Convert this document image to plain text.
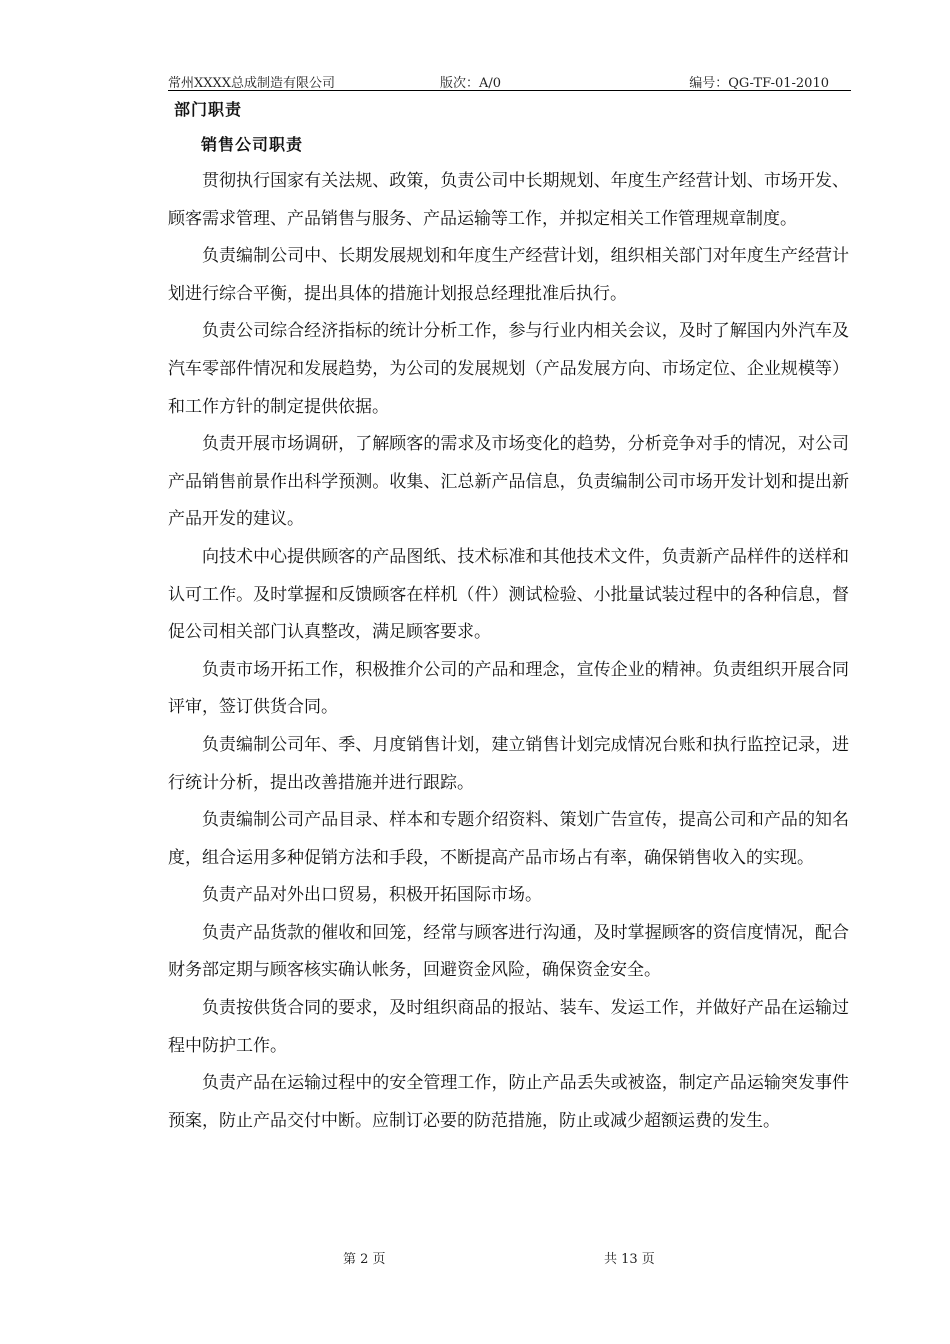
常州XXXX总成制造有限公司	版次：A/0	编号：QG-TF-01-2010
部门职责
销售公司职责

贯彻执行国家有关法规、政策，负责公司中长期规划、年度生产经营计划、市场开发、顾客需求管理、产品销售与服务、产品运输等工作，并拟定相关工作管理规章制度。

负责编制公司中、长期发展规划和年度生产经营计划，组织相关部门对年度生产经营计划进行综合平衡，提出具体的措施计划报总经理批准后执行。

负责公司综合经济指标的统计分析工作，参与行业内相关会议，及时了解国内外汽车及汽车零部件情况和发展趋势，为公司的发展规划（产品发展方向、市场定位、企业规模等）和工作方针的制定提供依据。

负责开展市场调研，了解顾客的需求及市场变化的趋势，分析竞争对手的情况，对公司产品销售前景作出科学预测。收集、汇总新产品信息，负责编制公司市场开发计划和提出新产品开发的建议。

向技术中心提供顾客的产品图纸、技术标准和其他技术文件，负责新产品样件的送样和认可工作。及时掌握和反馈顾客在样机（件）测试检验、小批量试装过程中的各种信息，督促公司相关部门认真整改，满足顾客要求。

负责市场开拓工作，积极推介公司的产品和理念，宣传企业的精神。负责组织开展合同评审，签订供货合同。

负责编制公司年、季、月度销售计划，建立销售计划完成情况台账和执行监控记录，进行统计分析，提出改善措施并进行跟踪。

负责编制公司产品目录、样本和专题介绍资料、策划广告宣传，提高公司和产品的知名度，组合运用多种促销方法和手段，不断提高产品市场占有率，确保销售收入的实现。

负责产品对外出口贸易，积极开拓国际市场。

负责产品货款的催收和回笼，经常与顾客进行沟通，及时掌握顾客的资信度情况，配合财务部定期与顾客核实确认帐务，回避资金风险，确保资金安全。

负责按供货合同的要求，及时组织商品的报站、装车、发运工作，并做好产品在运输过程中防护工作。

负责产品在运输过程中的安全管理工作，防止产品丢失或被盗，制定产品运输突发事件预案，防止产品交付中断。应制订必要的防范措施，防止或减少超额运费的发生。

第 2 页	共 13 页
